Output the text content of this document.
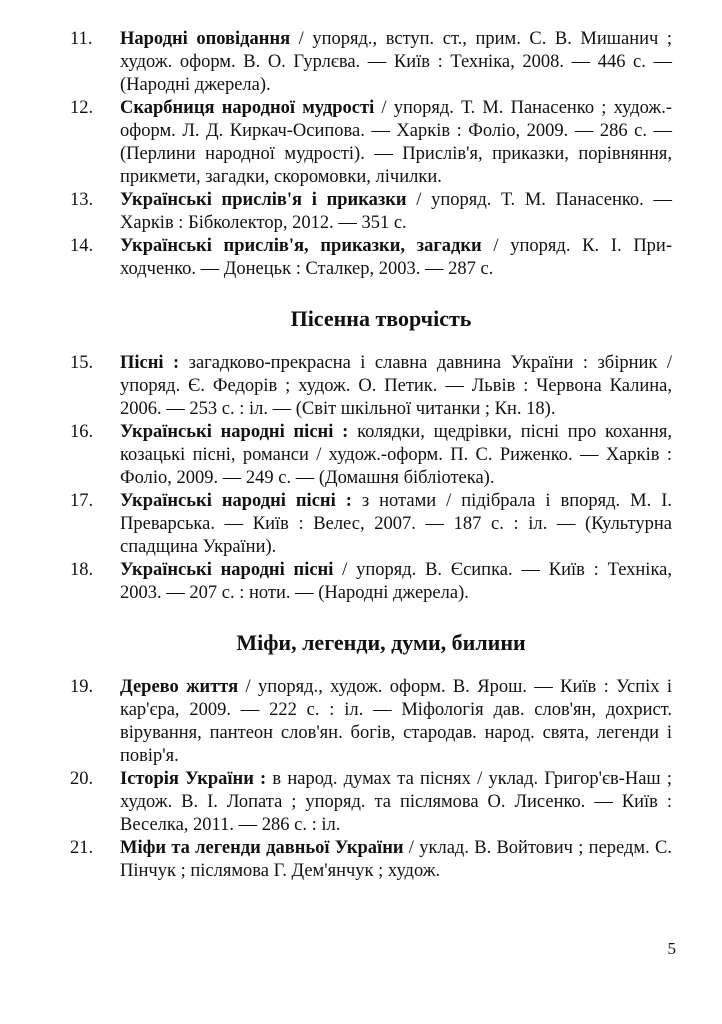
11.	Народні оповідання / упоряд., вступ. ст., прим. С. В. Мишанич ; худож. оформ. В. О. Гурлєва. — Київ : Техніка, 2008. — 446 с. — (Народні джерела).
12.	Скарбниця народної мудрості / упоряд. Т. М. Панасенко ; худож.-оформ. Л. Д. Киркач-Осипова. — Харків : Фоліо, 2009. — 286 с. — (Перлини народної мудрості). — Прислів'я, приказки, порівняння, прикмети, загадки, скоромовки, лічилки.
13.	Українські прислів'я і приказки / упоряд. Т. М. Панасенко. — Харків : Бібколектор, 2012. — 351 с.
14.	Українські прислів'я, приказки, загадки / упоряд. К. І. При-ходченко. — Донецьк : Сталкер, 2003. — 287 с.
Пісенна творчість
15.	Пісні : загадково-прекрасна і славна давнина України : збірник / упоряд. Є. Федорів ; худож. О. Петик. — Львів : Червона Калина, 2006. — 253 с. : іл. — (Світ шкільної читанки ; Кн. 18).
16.	Українські народні пісні : колядки, щедрівки, пісні про кохання, козацькі пісні, романси / худож.-оформ. П. С. Риженко. — Харків : Фоліо, 2009. — 249 с. — (Домашня бібліотека).
17.	Українські народні пісні : з нотами / підібрала і впоряд. М. І. Преварська. — Київ : Велес, 2007. — 187 с. : іл. — (Культурна спадщина України).
18.	Українські народні пісні / упоряд. В. Єсипка. — Київ : Техніка, 2003. — 207 с. : ноти. — (Народні джерела).
Міфи, легенди, думи, билини
19.	Дерево життя / упоряд., худож. оформ. В. Ярош. — Київ : Успіх і кар'єра, 2009. — 222 с. : іл. — Міфологія дав. слов'ян, дохрист. вірування, пантеон слов'ян. богів, стародав. народ. свята, легенди і повір'я.
20.	Історія України : в народ. думах та піснях / уклад. Григор'єв-Наш ; худож. В. І. Лопата ; упоряд. та післямова О. Лисенко. — Київ : Веселка, 2011. — 286 с. : іл.
21.	Міфи та легенди давньої України / уклад. В. Войтович ; передм. С. Пінчук ; післямова Г. Дем'янчук ; худож.
5
